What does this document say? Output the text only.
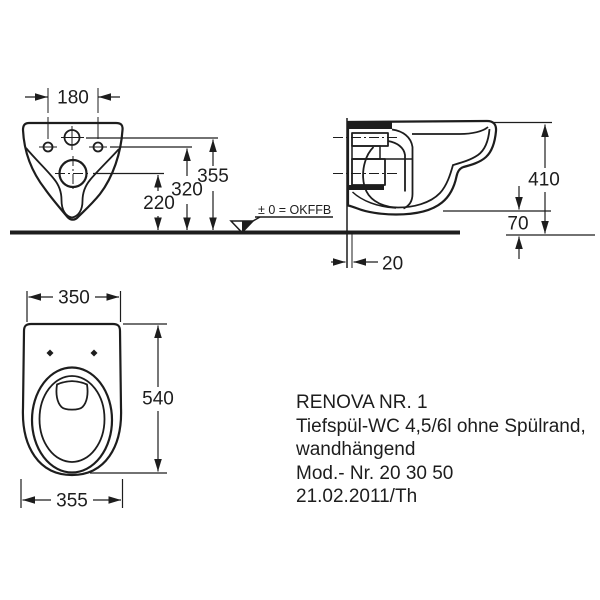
180
355
320
220	± 0 = OKFFB
410
70
20
350
540
355
RENOVA NR. 1
Tiefspül-WC 4,5/6l ohne Spülrand,
wandhängend
Mod.- Nr. 20 30 50
21.02.2011/Th
